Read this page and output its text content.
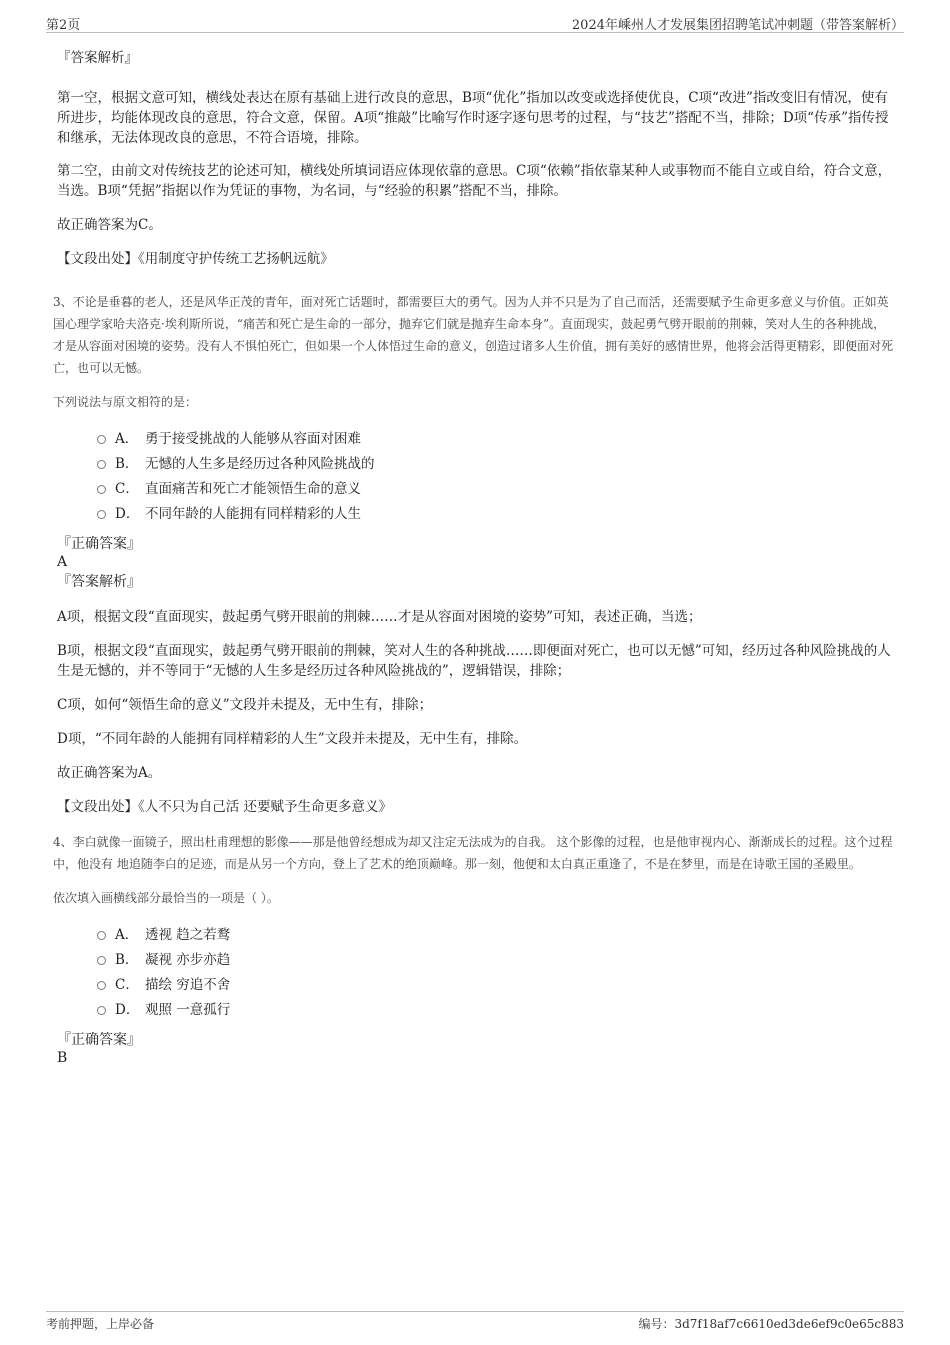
第2页	2024年嵊州人才发展集团招聘笔试冲刺题（带答案解析）

『答案解析』

第一空，根据文意可知，横线处表达在原有基础上进行改良的意思，B项“优化”指加以改变或选择使优良，C项“改进”指改变旧有情况，使有所进步，均能体现改良的意思，符合文意，保留。A项“推敲”比喻写作时逐字逐句思考的过程，与“技艺”搭配不当，排除；D项“传承”指传授和继承，无法体现改良的意思，不符合语境，排除。

第二空，由前文对传统技艺的论述可知，横线处所填词语应体现依靠的意思。C项“依赖”指依靠某种人或事物而不能自立或自给，符合文意，当选。B项“凭据”指据以作为凭证的事物，为名词，与“经验的积累”搭配不当，排除。

故正确答案为C。

【文段出处】《用制度守护传统工艺扬帆远航》

3、不论是垂暮的老人，还是风华正茂的青年，面对死亡话题时，都需要巨大的勇气。因为人并不只是为了自己而活，还需要赋予生命更多意义与价值。正如英国心理学家哈夫洛克·埃利斯所说，“痛苦和死亡是生命的一部分，抛弃它们就是抛弃生命本身”。直面现实，鼓起勇气劈开眼前的荆棘，笑对人生的各种挑战，才是从容面对困境的姿势。没有人不惧怕死亡，但如果一个人体悟过生命的意义，创造过诸多人生价值，拥有美好的感情世界，他将会活得更精彩，即便面对死亡，也可以无憾。

下列说法与原文相符的是：

A． 勇于接受挑战的人能够从容面对困难
B． 无憾的人生多是经历过各种风险挑战的
C． 直面痛苦和死亡才能领悟生命的意义
D． 不同年龄的人能拥有同样精彩的人生

『正确答案』

A

『答案解析』

A项，根据文段“直面现实，鼓起勇气劈开眼前的荆棘……才是从容面对困境的姿势”可知，表述正确，当选；

B项，根据文段“直面现实，鼓起勇气劈开眼前的荆棘，笑对人生的各种挑战……即便面对死亡，也可以无憾”可知，经历过各种风险挑战的人生是无憾的，并不等同于“无憾的人生多是经历过各种风险挑战的”，逻辑错误，排除；

C项，如何“领悟生命的意义”文段并未提及，无中生有，排除；

D项，“不同年龄的人能拥有同样精彩的人生”文段并未提及，无中生有，排除。

故正确答案为A。

【文段出处】《人不只为自己活 还要赋予生命更多意义》

4、李白就像一面镜子，照出杜甫理想的影像——那是他曾经想成为却又注定无法成为的自我。 这个影像的过程，也是他审视内心、渐渐成长的过程。这个过程中，他没有 地追随李白的足迹，而是从另一个方向，登上了艺术的绝顶巅峰。那一刻，他便和太白真正重逢了，不是在梦里，而是在诗歌王国的圣殿里。

依次填入画横线部分最恰当的一项是（ ）。

A． 透视 趋之若鹜
B． 凝视 亦步亦趋
C． 描绘 穷追不舍
D． 观照 一意孤行

『正确答案』

B

考前押题，上岸必备	编号：3d7f18af7c6610ed3de6ef9c0e65c883
